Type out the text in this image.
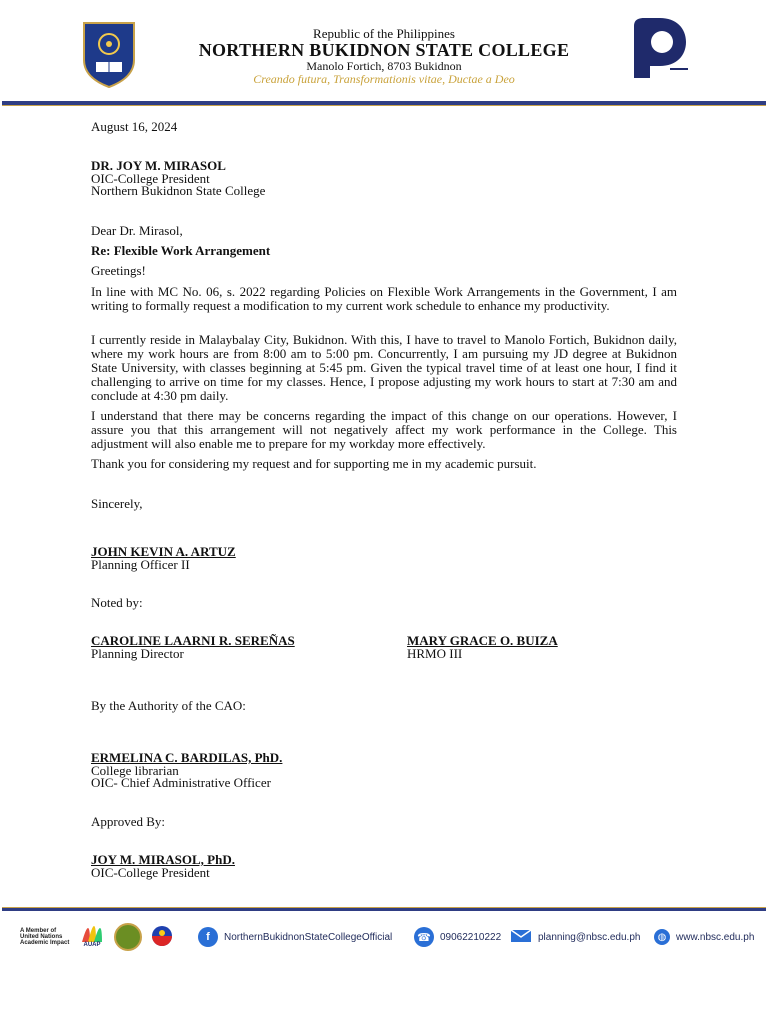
Republic of the Philippines
NORTHERN BUKIDNON STATE COLLEGE
Manolo Fortich, 8703 Bukidnon
Creando futura, Transformationis vitae, Ductae a Deo
August 16, 2024
DR. JOY M. MIRASOL
OIC-College President
Northern Bukidnon State College
Dear Dr. Mirasol,
Re: Flexible Work Arrangement
Greetings!
In line with MC No. 06, s. 2022 regarding Policies on Flexible Work Arrangements in the Government, I am writing to formally request a modification to my current work schedule to enhance my productivity.
I currently reside in Malaybalay City, Bukidnon. With this, I have to travel to Manolo Fortich, Bukidnon daily, where my work hours are from 8:00 am to 5:00 pm. Concurrently, I am pursuing my JD degree at Bukidnon State University, with classes beginning at 5:45 pm. Given the typical travel time of at least one hour, I find it challenging to arrive on time for my classes. Hence, I propose adjusting my work hours to start at 7:30 am and conclude at 4:30 pm daily.
I understand that there may be concerns regarding the impact of this change on our operations. However, I assure you that this arrangement will not negatively affect my work performance in the College. This adjustment will also enable me to prepare for my workday more effectively.
Thank you for considering my request and for supporting me in my academic pursuit.
Sincerely,
JOHN KEVIN A. ARTUZ
Planning Officer II
Noted by:
CAROLINE LAARNI R. SEREÑAS
Planning Director
MARY GRACE O. BUIZA
HRMO III
By the Authority of the CAO:
ERMELINA C. BARDILAS, PhD.
College librarian
OIC- Chief Administrative Officer
Approved By:
JOY M. MIRASOL, PhD.
OIC-College President
A Member of
United Nations
Academic Impact AUAP
f	NorthernBukidnonStateCollegeOfficial ☎ 09062210222	planning@nbsc.edu.ph	◍ www.nbsc.edu.ph
